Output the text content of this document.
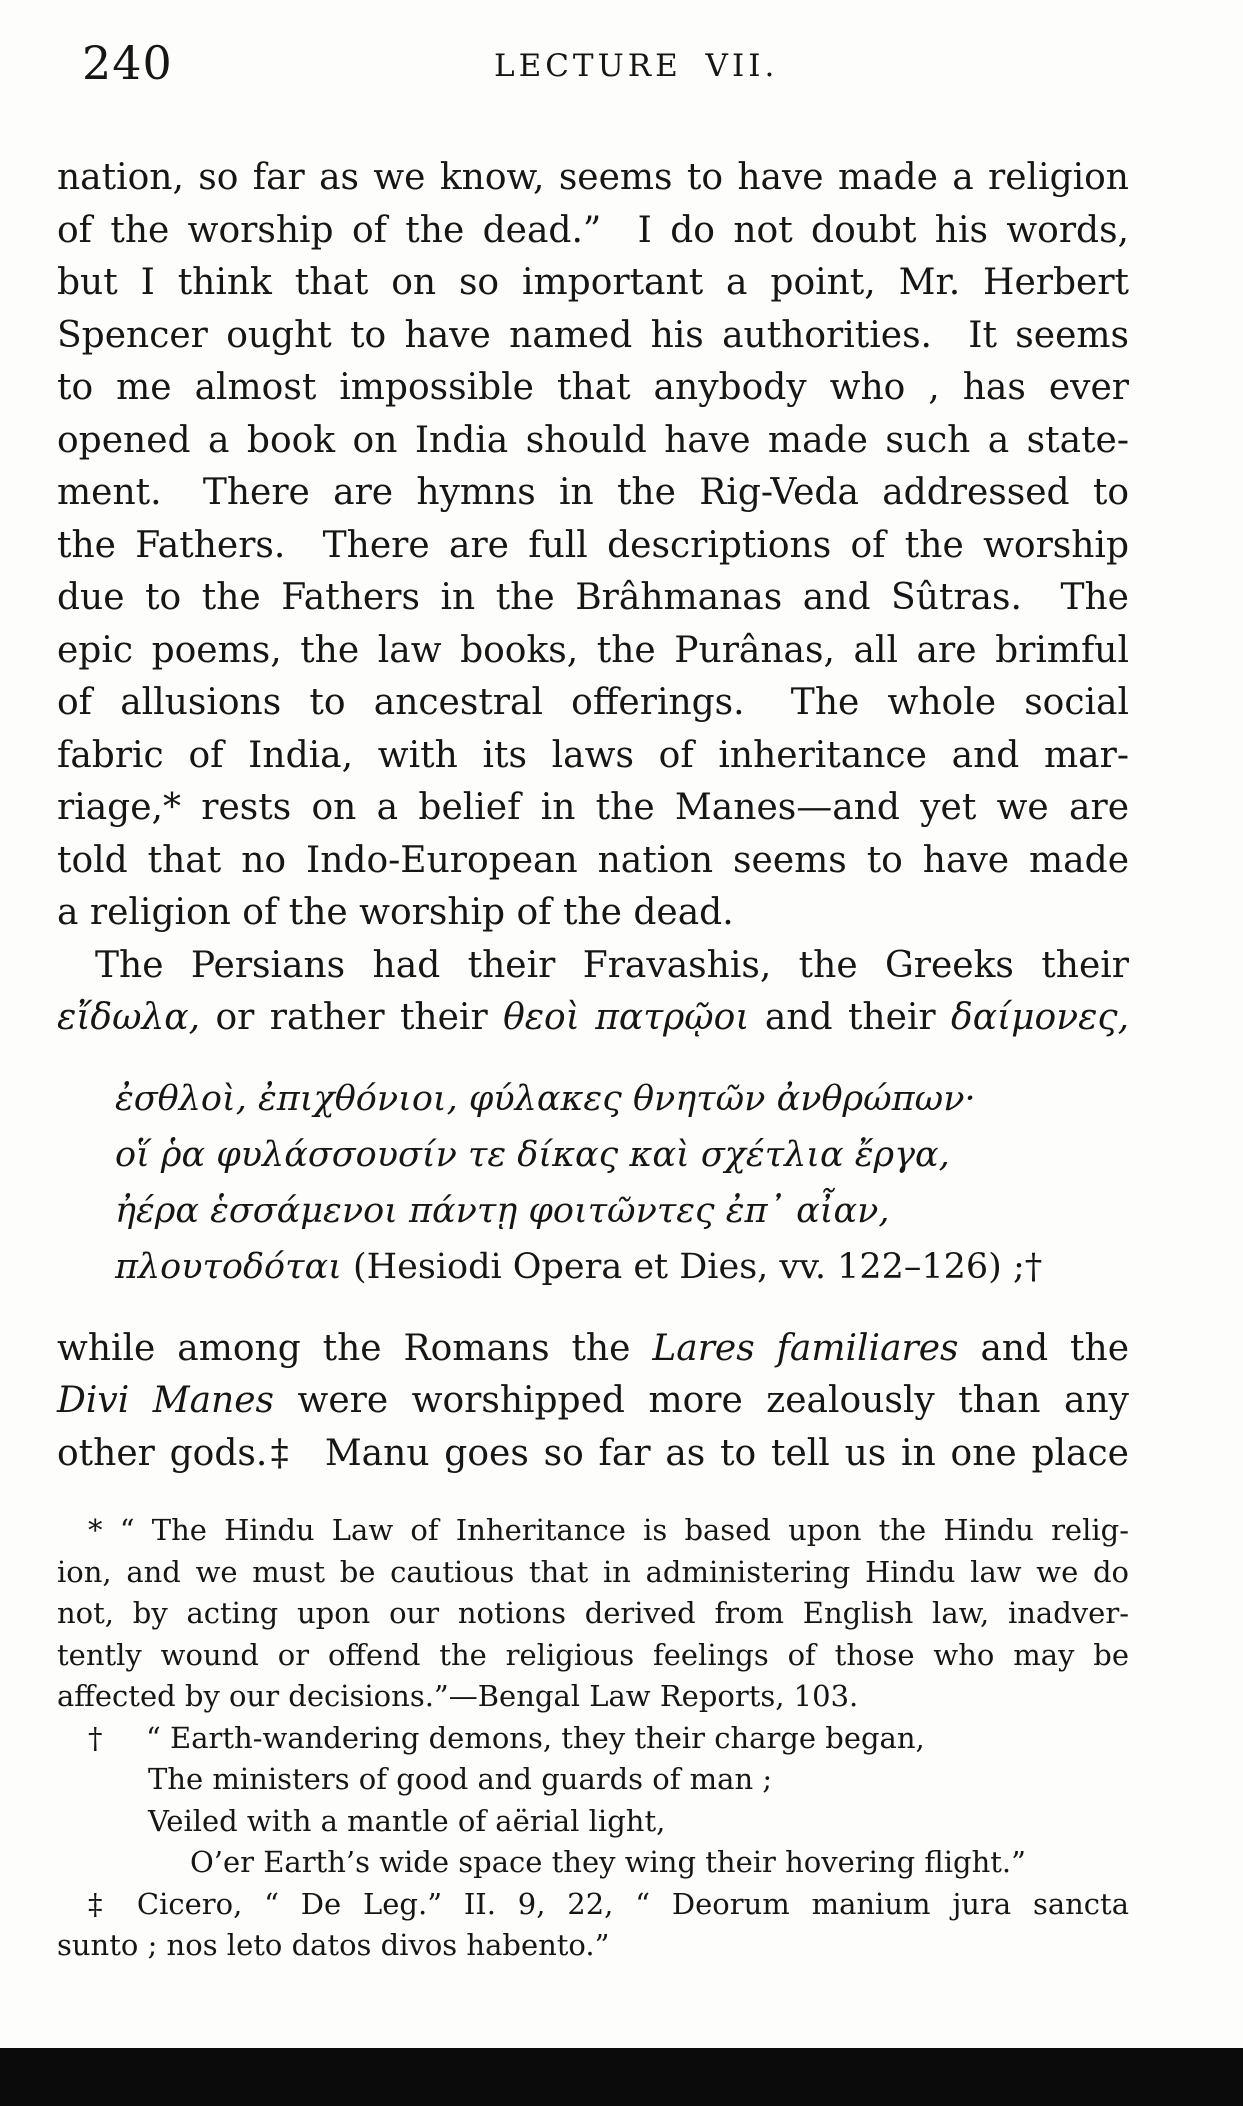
240	LECTURE VII.
nation, so far as we know, seems to have made a religion
of the worship of the dead.”  I do not doubt his words,
but I think that on so important a point, Mr. Herbert
Spencer ought to have named his authorities.  It seems
to me almost impossible that anybody who , has ever
opened a book on India should have made such a state-
ment.  There are hymns in the Rig-Veda addressed to
the Fathers.  There are full descriptions of the worship
due to the Fathers in the Brâhmanas and Sûtras.  The
epic poems, the law books, the Purânas, all are brimful
of allusions to ancestral offerings.  The whole social
fabric of India, with its laws of inheritance and mar-
riage,* rests on a belief in the Manes—and yet we are
told that no Indo-European nation seems to have made
a religion of the worship of the dead.
The Persians had their Fravashis, the Greeks their
εἴδωλα, or rather their θεοὶ πατρῷοι and their δαίμονες,
ἐσθλοὶ, ἐπιχθόνιοι, φύλακες θνητῶν ἀνθρώπων·
οἵ ῥα φυλάσσουσίν τε δίκας καὶ σχέτλια ἔργα,
ἠέρα ἑσσάμενοι πάντῃ φοιτῶντες ἐπ᾽ αἶαν,
πλουτοδόται (Hesiodi Opera et Dies, vv. 122–126) ;†
while among the Romans the Lares familiares and the
Divi Manes were worshipped more zealously than any
other gods.‡  Manu goes so far as to tell us in one place
* “ The Hindu Law of Inheritance is based upon the Hindu relig-
ion, and we must be cautious that in administering Hindu law we do
not, by acting upon our notions derived from English law, inadver-
tently wound or offend the religious feelings of those who may be
affected by our decisions.”—Bengal Law Reports, 103.
†  “ Earth-wandering demons, they their charge began,
The ministers of good and guards of man ;
Veiled with a mantle of aërial light,
O’er Earth’s wide space they wing their hovering flight.”
‡ Cicero, “ De Leg.” II. 9, 22, “ Deorum manium jura sancta
sunto ; nos leto datos divos habento.”
